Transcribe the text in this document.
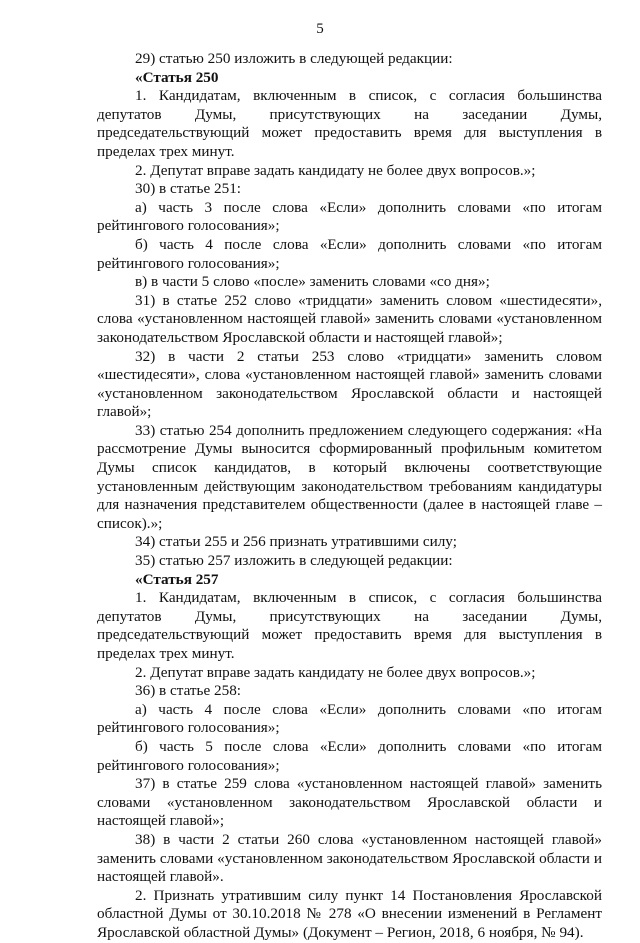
5

29) статью 250 изложить в следующей редакции:

«Статья 250

1. Кандидатам, включенным в список, с согласия большинства депутатов Думы, присутствующих на заседании Думы, председательствующий может предоставить время для выступления в пределах трех минут.

2. Депутат вправе задать кандидату не более двух вопросов.»;

30) в статье 251:

а) часть 3 после слова «Если» дополнить словами «по итогам рейтингового голосования»;

б) часть 4 после слова «Если» дополнить словами «по итогам рейтингового голосования»;

в) в части 5 слово «после» заменить словами «со дня»;

31) в статье 252 слово «тридцати» заменить словом «шестидесяти», слова «установленном настоящей главой» заменить словами «установленном законодательством Ярославской области и настоящей главой»;

32) в части 2 статьи 253 слово «тридцати» заменить словом «шестидесяти», слова «установленном настоящей главой» заменить словами «установленном законодательством Ярославской области и настоящей главой»;

33) статью 254 дополнить предложением следующего содержания: «На рассмотрение Думы выносится сформированный профильным комитетом Думы список кандидатов, в который включены соответствующие установленным действующим законодательством требованиям кандидатуры для назначения представителем общественности (далее в настоящей главе – список).»;

34) статьи 255 и 256 признать утратившими силу;

35) статью 257 изложить в следующей редакции:

«Статья 257

1. Кандидатам, включенным в список, с согласия большинства депутатов Думы, присутствующих на заседании Думы, председательствующий может предоставить время для выступления в пределах трех минут.

2. Депутат вправе задать кандидату не более двух вопросов.»;

36) в статье 258:

а) часть 4 после слова «Если» дополнить словами «по итогам рейтингового голосования»;

б) часть 5 после слова «Если» дополнить словами «по итогам рейтингового голосования»;

37) в статье 259 слова «установленном настоящей главой» заменить словами «установленном законодательством Ярославской области и настоящей главой»;

38) в части 2 статьи 260 слова «установленном настоящей главой» заменить словами «установленном законодательством Ярославской области и настоящей главой».

2. Признать утратившим силу пункт 14 Постановления Ярославской областной Думы от 30.10.2018 № 278 «О внесении изменений в Регламент Ярославской областной Думы» (Документ – Регион, 2018, 6 ноября, № 94).
